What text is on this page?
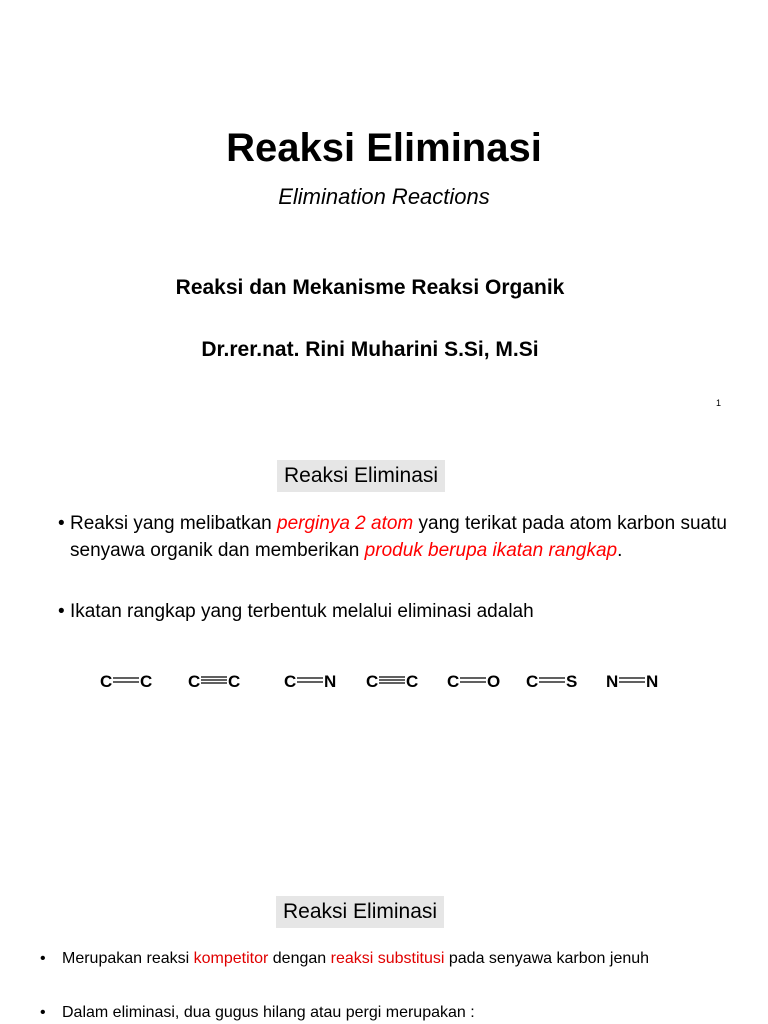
Reaksi Eliminasi
Elimination Reactions
Reaksi dan Mekanisme Reaksi Organik
Dr.rer.nat. Rini Muharini S.Si, M.Si
1
Reaksi Eliminasi
• Reaksi yang melibatkan perginya 2 atom yang terikat pada atom karbon suatu senyawa organik dan memberikan produk berupa ikatan rangkap.
• Ikatan rangkap yang terbentuk melalui eliminasi adalah
C C C C	C N C C C O C S N N
Reaksi Eliminasi
• Merupakan reaksi kompetitor dengan reaksi substitusi pada senyawa karbon jenuh
• Dalam eliminasi, dua gugus hilang atau pergi merupakan :
